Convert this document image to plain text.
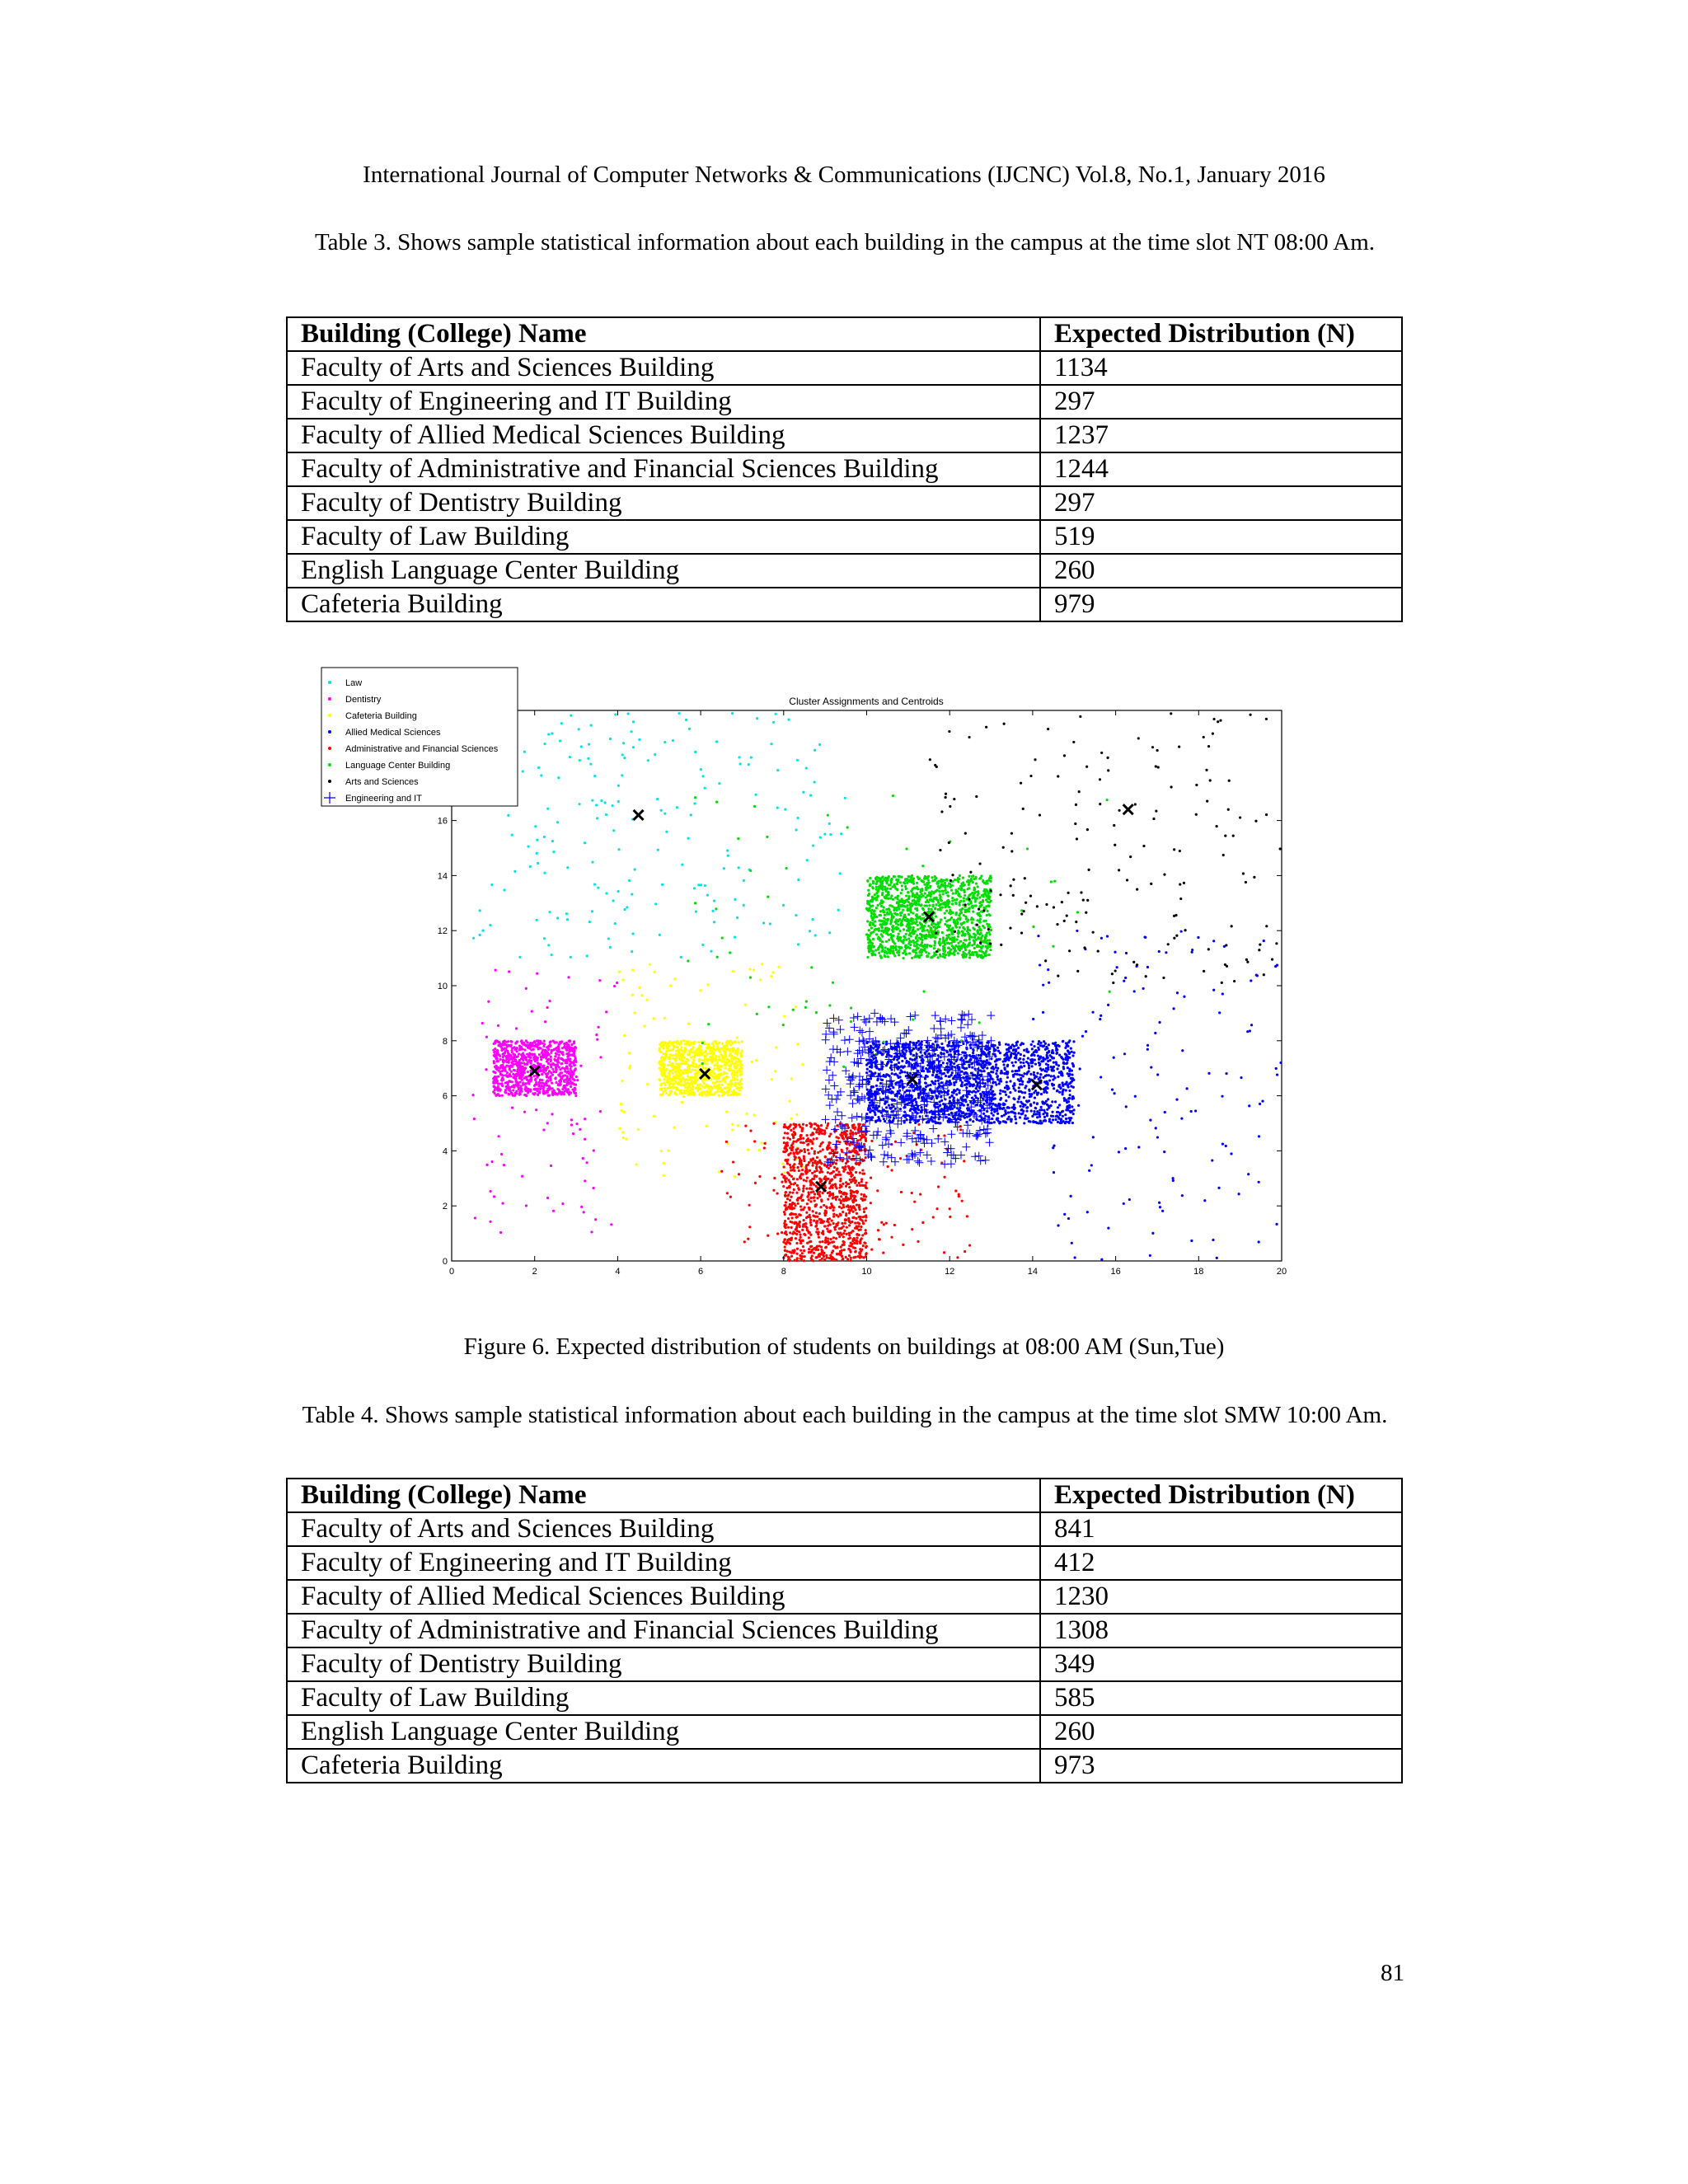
International Journal of Computer Networks & Communications (IJCNC) Vol.8, No.1, January 2016
Table 3. Shows sample statistical information about each building in the campus at the time slot NT 08:00 Am.
Building (College) Name	Expected Distribution (N)
Faculty of Arts and Sciences Building	1134
Faculty of Engineering and IT Building	297
Faculty of Allied Medical Sciences Building	1237
Faculty of Administrative and Financial Sciences Building	1244
Faculty of Dentistry Building	297
Faculty of Law Building	519
English Language Center Building	260
Cafeteria Building	979
0	2	4	6	8	10	12	14	16	18	20
0
2
4
6
8
10
12
14
16
Cluster Assignments and Centroids
Law
Dentistry
Cafeteria Building
Allied Medical Sciences
Administrative and Financial Sciences
Language Center Building
Arts and Sciences
Engineering and IT
Figure 6. Expected distribution of students on buildings at 08:00 AM (Sun,Tue)
Table 4. Shows sample statistical information about each building in the campus at the time slot SMW 10:00 Am.
Building (College) Name	Expected Distribution (N)
Faculty of Arts and Sciences Building	841
Faculty of Engineering and IT Building	412
Faculty of Allied Medical Sciences Building	1230
Faculty of Administrative and Financial Sciences Building	1308
Faculty of Dentistry Building	349
Faculty of Law Building	585
English Language Center Building	260
Cafeteria Building	973
81
